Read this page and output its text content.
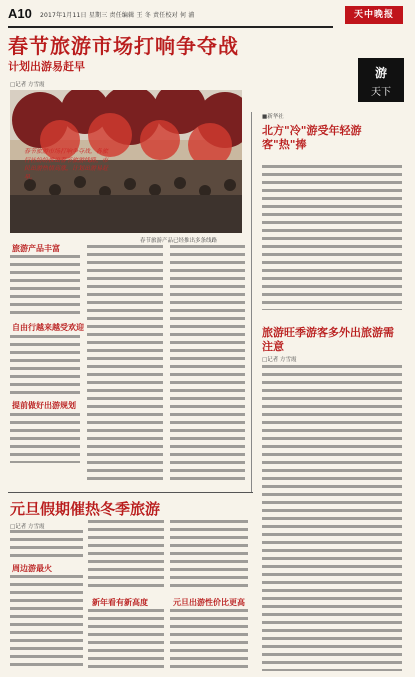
A10 2017年1月11日 星期三 责任编辑 王 冬 责任校对 何 浦	天中晚报
游
天下
春节旅游市场打响争夺战
计划出游易赶早
□记者 方雪霞
春节旅游市场打响争夺战，各旅行社纷纷推出春节旅游线路，市民出游热情高涨，计划出游易赶早。
春节旅游产品已经推出多条线路
旅游产品丰富
自由行越来越受欢迎
提前做好出游规划
■新华社
北方"冷"游受年轻游客"热"捧
旅游旺季游客多外出旅游需注意
□记者 方雪霞
元旦假期催热冬季旅游
□记者 方雪霞
周边游最火
新年看有新高度	元旦出游性价比更高
